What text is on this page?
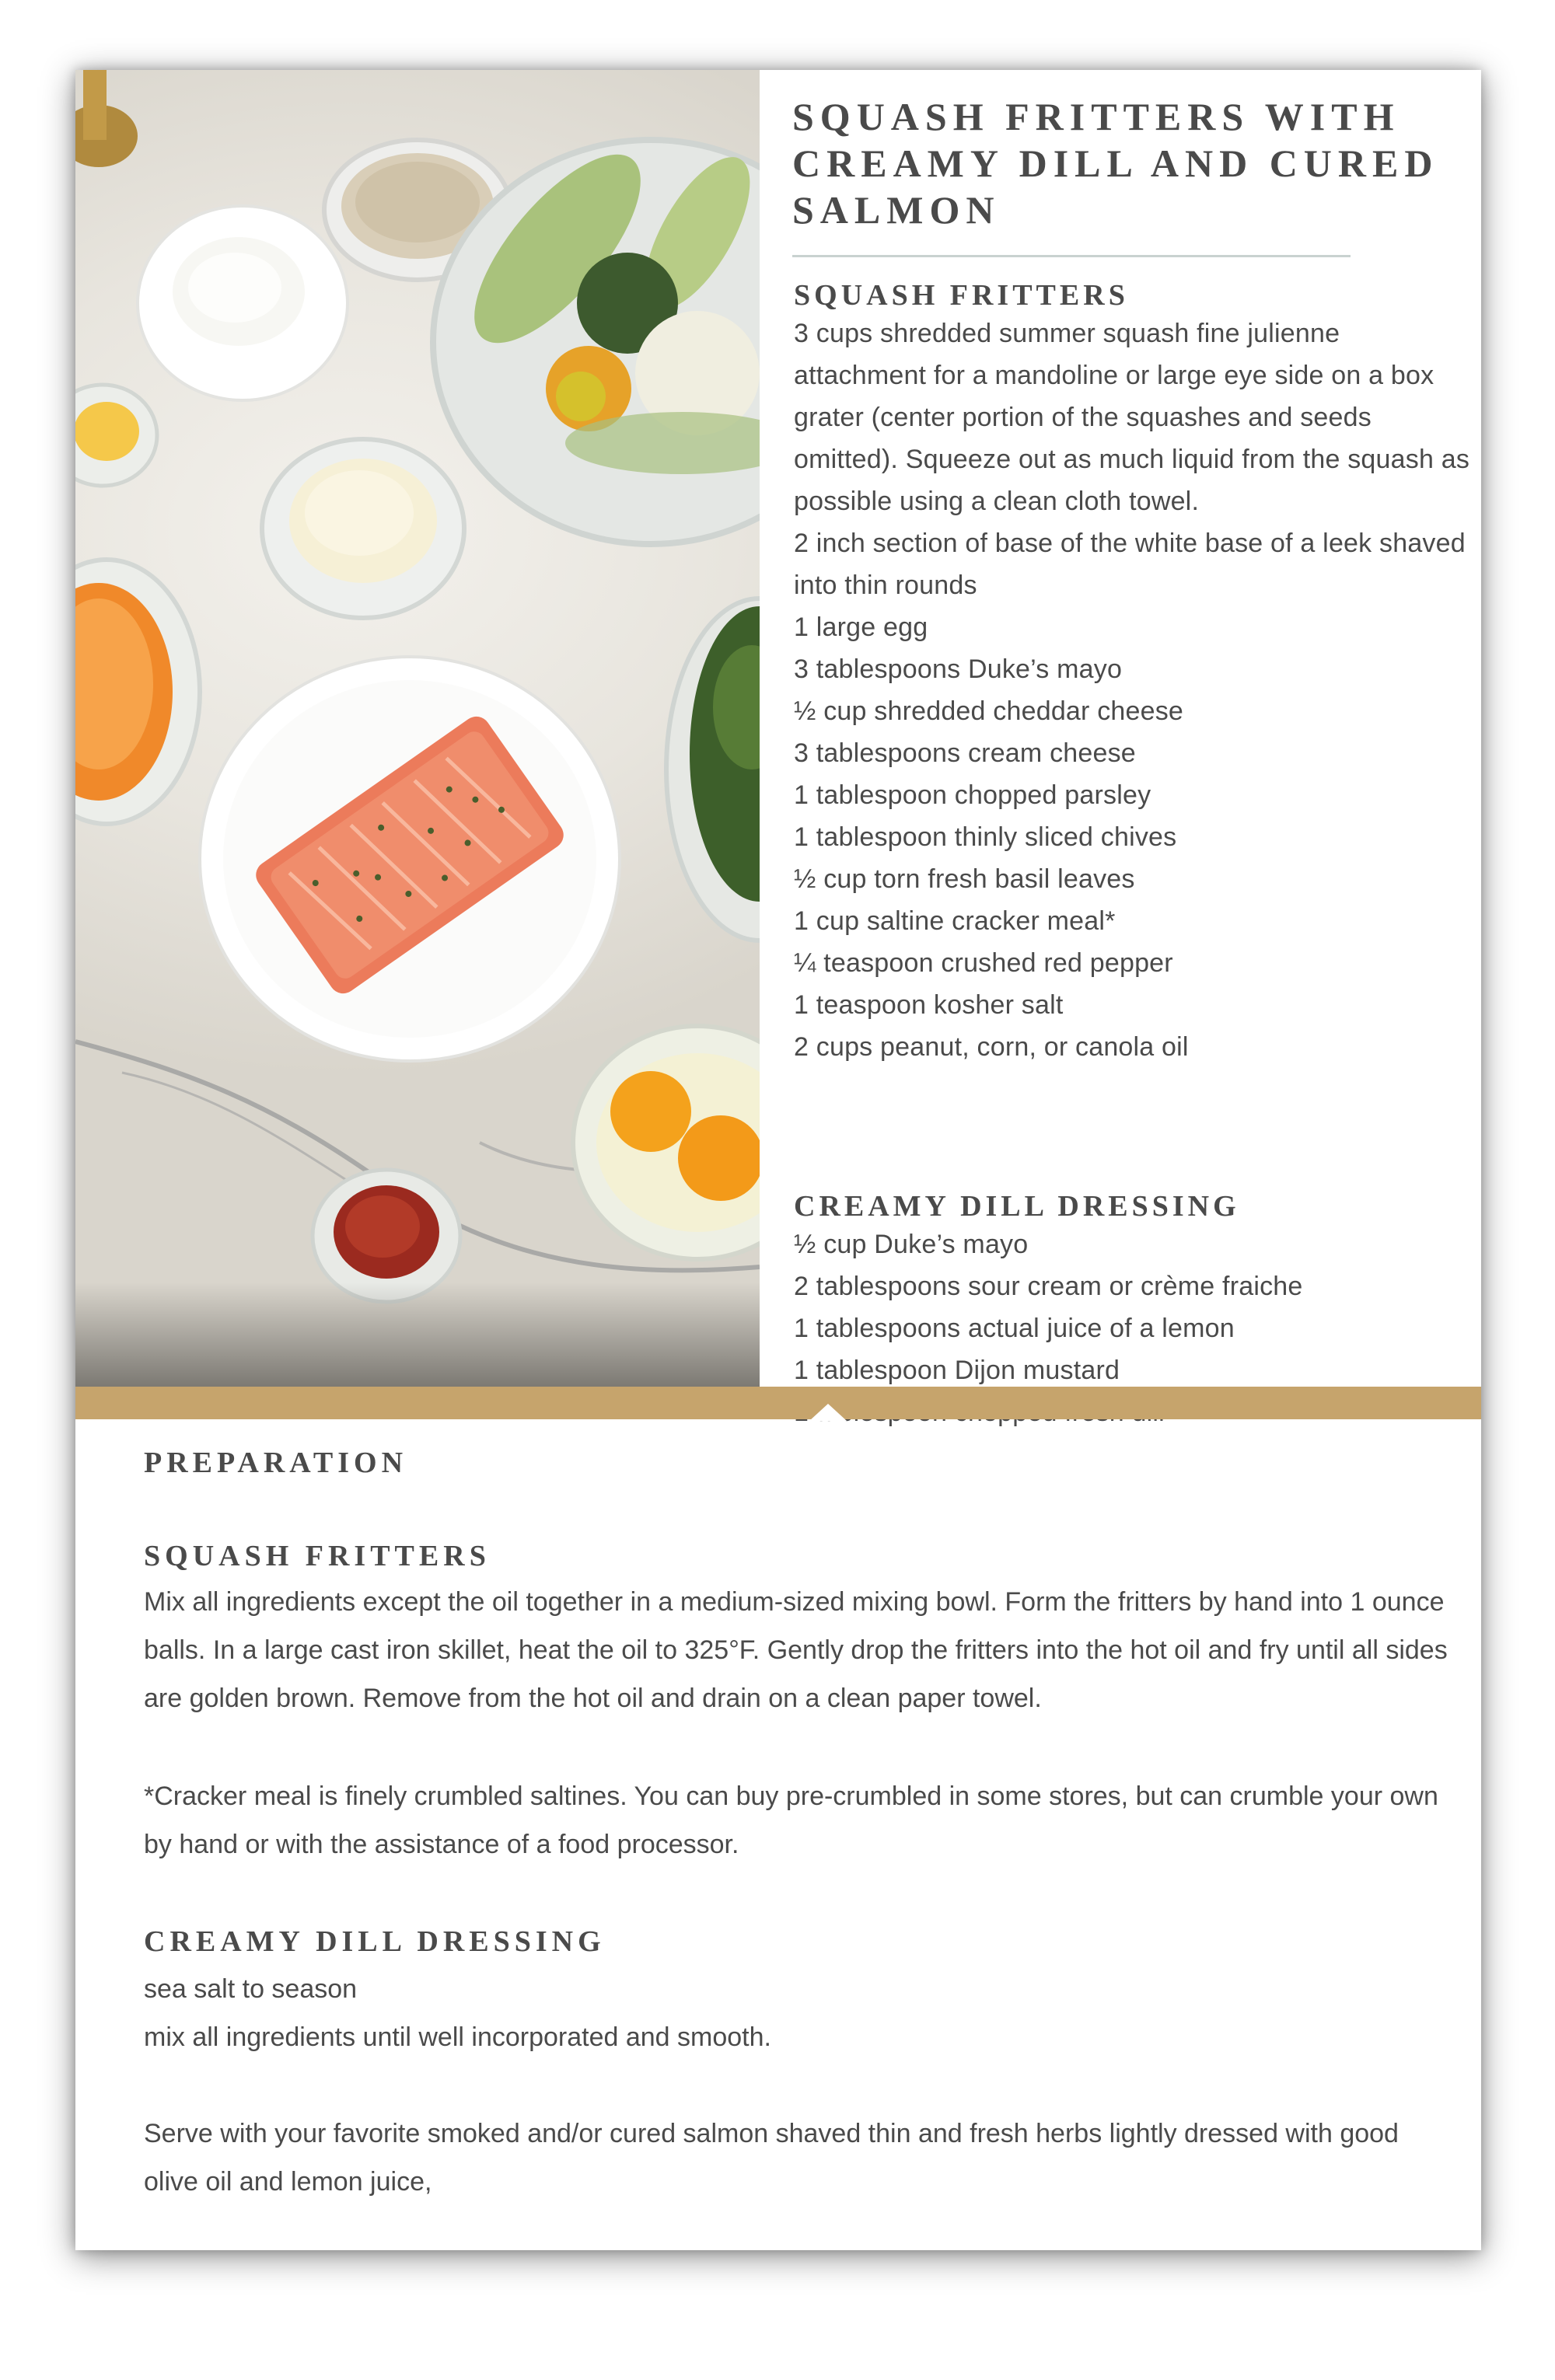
SQUASH FRITTERS WITH CREAMY DILL AND CURED SALMON
SQUASH FRITTERS
3 cups shredded summer squash fine julienne attachment for a mandoline or large eye side on a box grater (center portion of the squashes and seeds omitted). Squeeze out as much liquid from the squash as possible using a clean cloth towel.
2 inch section of base of the white base of a leek shaved into thin rounds
1 large egg
3 tablespoons Duke’s mayo
½ cup shredded cheddar cheese
3 tablespoons cream cheese
1 tablespoon chopped parsley
1 tablespoon thinly sliced chives
½ cup torn fresh basil leaves
1 cup saltine cracker meal*
¼ teaspoon crushed red pepper
1 teaspoon kosher salt
2 cups peanut, corn, or canola oil
CREAMY DILL DRESSING
½ cup Duke’s mayo
2 tablespoons sour cream or crème fraiche
1 tablespoons actual juice of a lemon
1 tablespoon Dijon mustard
PREPARATION
SQUASH FRITTERS

Mix all ingredients except the oil together in a medium-sized mixing bowl. Form the fritters by hand into 1 ounce balls. In a large cast iron skillet, heat the oil to 325°F. Gently drop the fritters into the hot oil and fry until all sides are golden brown. Remove from the hot oil and drain on a clean paper towel.

*Cracker meal is finely crumbled saltines. You can buy pre-crumbled in some stores, but can crumble your own by hand or with the assistance of a food processor.

CREAMY DILL DRESSING

sea salt to season

mix all ingredients until well incorporated and smooth.

Serve with your favorite smoked and/or cured salmon shaved thin and fresh herbs lightly dressed with good olive oil and lemon juice,
